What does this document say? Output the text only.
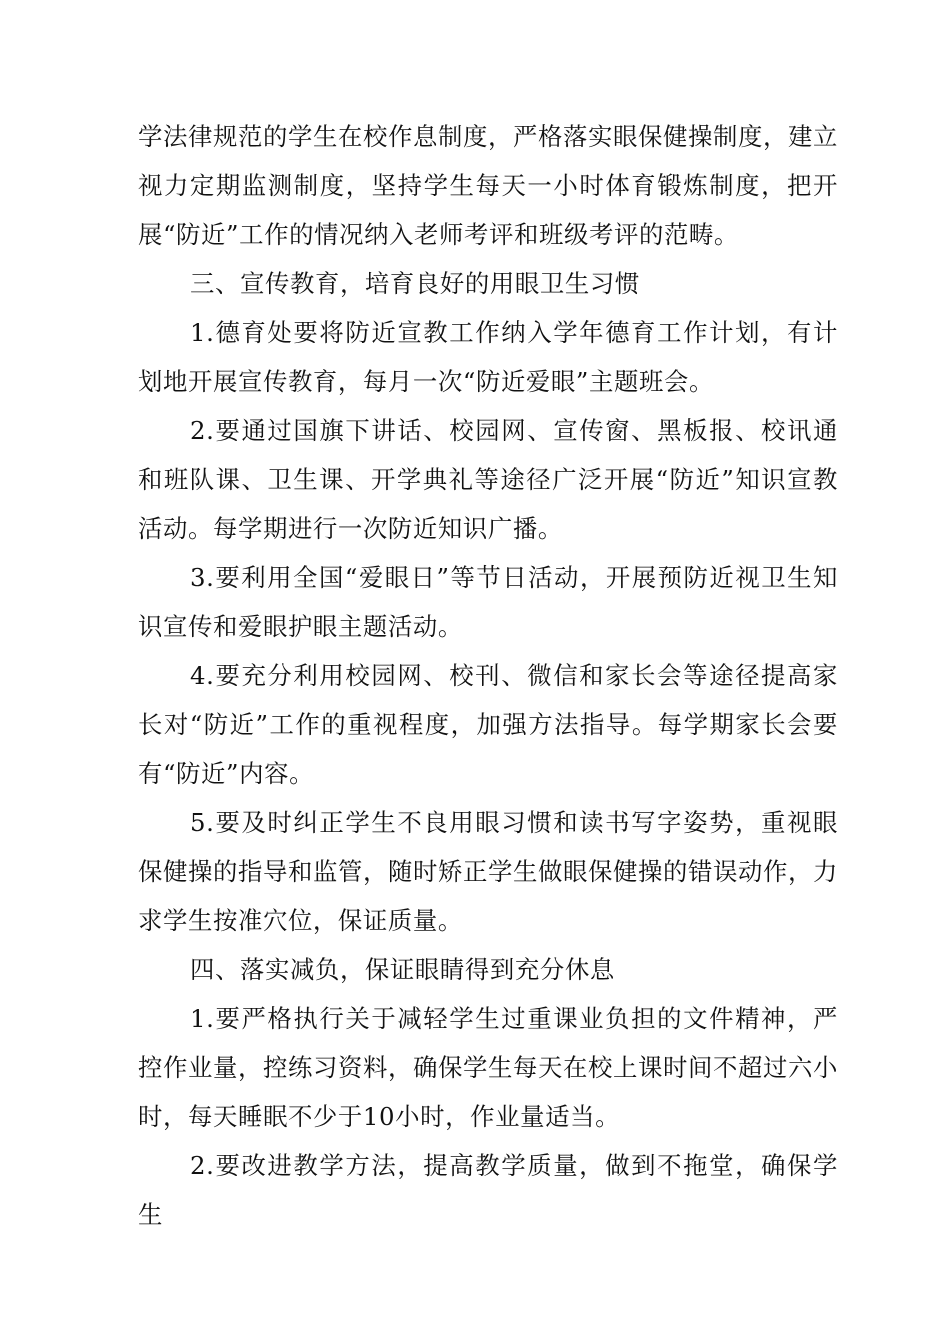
学法律规范的学生在校作息制度，严格落实眼保健操制度，建立视力定期监测制度，坚持学生每天一小时体育锻炼制度，把开展“防近”工作的情况纳入老师考评和班级考评的范畴。

三、宣传教育，培育良好的用眼卫生习惯

1.德育处要将防近宣教工作纳入学年德育工作计划，有计划地开展宣传教育，每月一次“防近爱眼”主题班会。

2.要通过国旗下讲话、校园网、宣传窗、黑板报、校讯通和班队课、卫生课、开学典礼等途径广泛开展“防近”知识宣教活动。每学期进行一次防近知识广播。

3.要利用全国“爱眼日”等节日活动，开展预防近视卫生知识宣传和爱眼护眼主题活动。

4.要充分利用校园网、校刊、微信和家长会等途径提高家长对“防近”工作的重视程度，加强方法指导。每学期家长会要有“防近”内容。

5.要及时纠正学生不良用眼习惯和读书写字姿势，重视眼保健操的指导和监管，随时矫正学生做眼保健操的错误动作，力求学生按准穴位，保证质量。

四、落实减负，保证眼睛得到充分休息

1.要严格执行关于减轻学生过重课业负担的文件精神，严控作业量，控练习资料，确保学生每天在校上课时间不超过六小时，每天睡眠不少于10小时，作业量适当。

2.要改进教学方法，提高教学质量，做到不拖堂，确保学生
